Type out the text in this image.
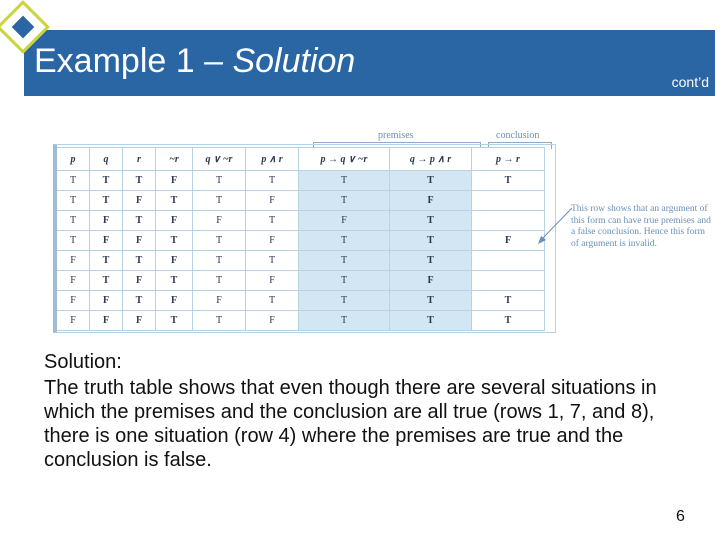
Example 1 – Solution
cont’d
premises	conclusion
p	q	r	~r	q ∨ ~r	p ∧ r	p → q ∨ ~r	q → p ∧ r	p → r
T	T	T	F	T	T	T	T	T
T	T	F	T	T	F	T	F	
T	F	T	F	F	T	F	T	
T	F	F	T	T	F	T	T	F
F	T	T	F	T	T	T	T	
F	T	F	T	T	F	T	F	
F	F	T	F	F	T	T	T	T
F	F	F	T	T	F	T	T	T
This row shows that an argument of this form can have true premises and a false conclusion. Hence this form of argument is invalid.
Solution:
The truth table shows that even though there are several situations in which the premises and the conclusion are all true (rows 1, 7, and 8), there is one situation (row 4) where the premises are true and the conclusion is false.
6
